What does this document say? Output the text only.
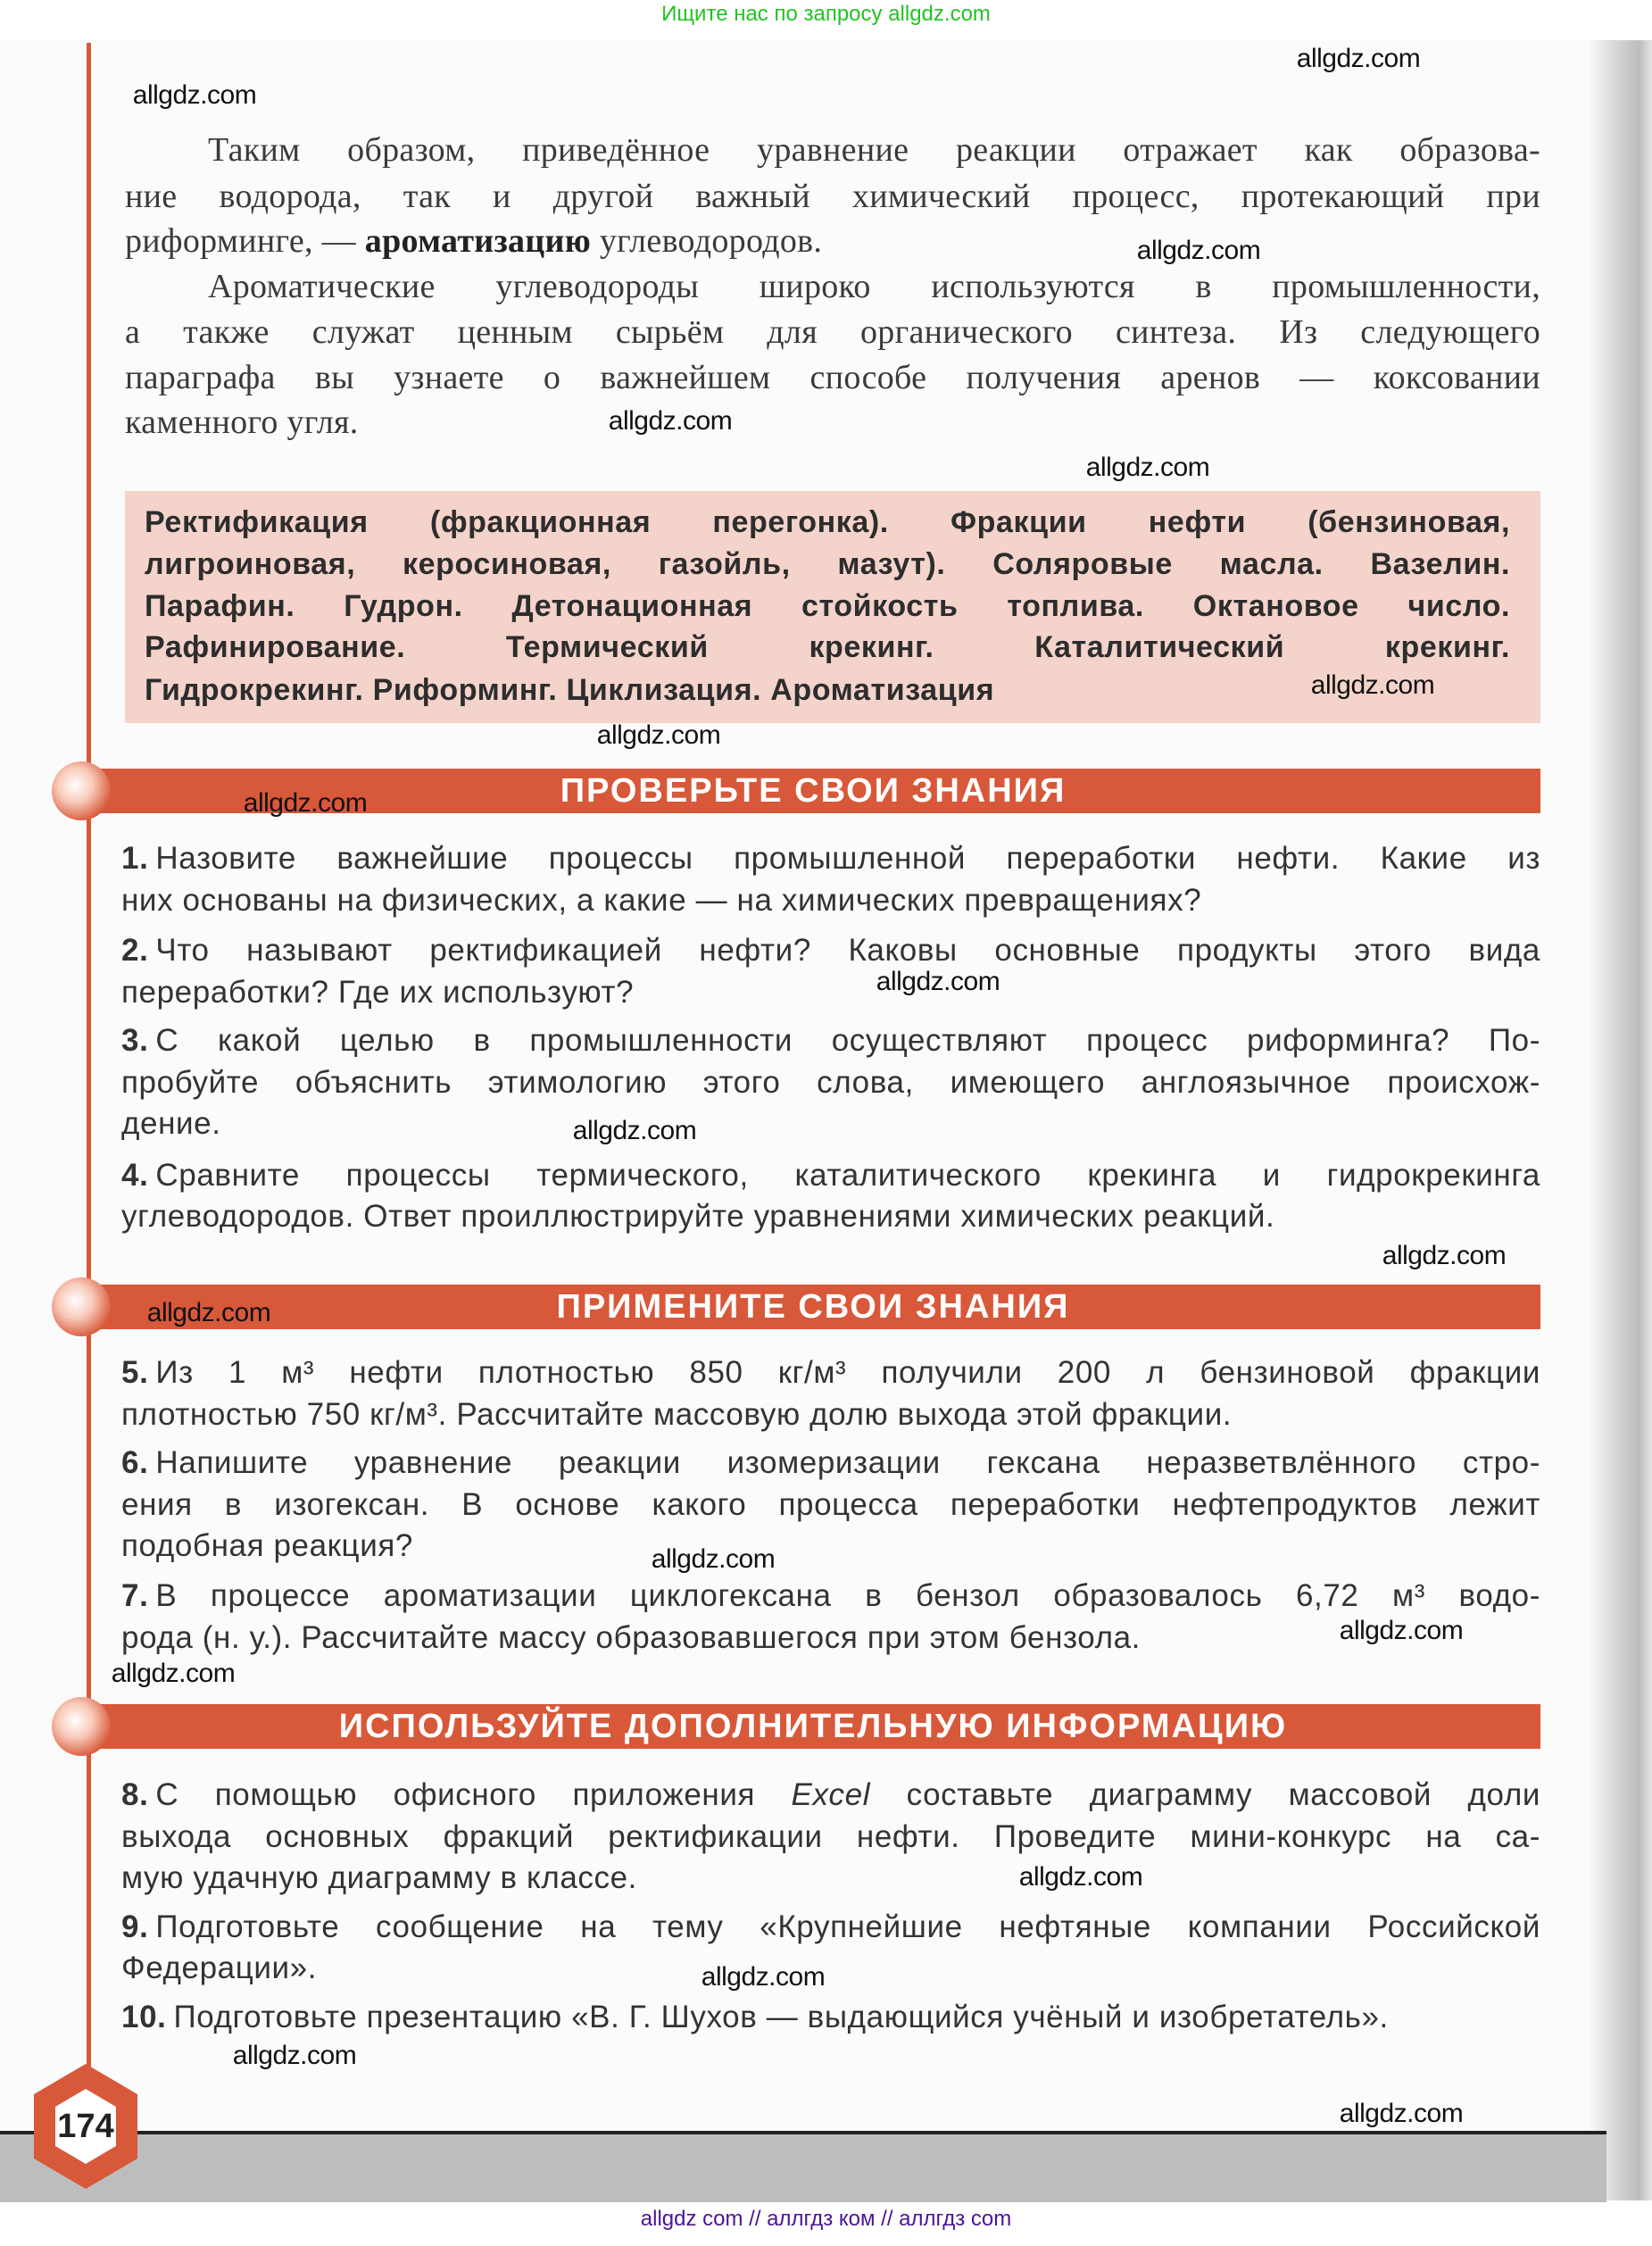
Ищите нас по запросу allgdz.com
Таким образом, приведённое уравнение реакции отражает как образова-
ние водорода, так и другой важный химический процесс, протекающий при
риформинге, — ароматизацию углеводородов.
Ароматические углеводороды широко используются в промышленности,
а также служат ценным сырьём для органического синтеза. Из следующего
параграфа вы узнаете о важнейшем способе получения аренов — коксовании
каменного угля.
Ректификация (фракционная перегонка). Фракции нефти (бензиновая,
лигроиновая, керосиновая, газойль, мазут). Соляровые масла. Вазелин.
Парафин. Гудрон. Детонационная стойкость топлива. Октановое число.
Рафинирование. Термический крекинг. Каталитический крекинг.
Гидрокрекинг. Риформинг. Циклизация. Ароматизация
ПРОВЕРЬТЕ СВОИ ЗНАНИЯ
1. Назовите важнейшие процессы промышленной переработки нефти. Какие из
них основаны на физических, а какие — на химических превращениях?
2. Что называют ректификацией нефти? Каковы основные продукты этого вида
переработки? Где их используют?
3. С какой целью в промышленности осуществляют процесс риформинга? По-
пробуйте объяснить этимологию этого слова, имеющего англоязычное происхож-
дение.
4. Сравните процессы термического, каталитического крекинга и гидрокрекинга
углеводородов. Ответ проиллюстрируйте уравнениями химических реакций.
ПРИМЕНИТЕ СВОИ ЗНАНИЯ
5. Из 1 м³ нефти плотностью 850 кг/м³ получили 200 л бензиновой фракции
плотностью 750 кг/м³. Рассчитайте массовую долю выхода этой фракции.
6. Напишите уравнение реакции изомеризации гексана неразветвлённого стро-
ения в изогексан. В основе какого процесса переработки нефтепродуктов лежит
подобная реакция?
7. В процессе ароматизации циклогексана в бензол образовалось 6,72 м³ водо-
рода (н. у.). Рассчитайте массу образовавшегося при этом бензола.
ИСПОЛЬЗУЙТЕ ДОПОЛНИТЕЛЬНУЮ ИНФОРМАЦИЮ
8. С помощью офисного приложения Excel составьте диаграмму массовой доли
выхода основных фракций ректификации нефти. Проведите мини-конкурс на са-
мую удачную диаграмму в классе.
9. Подготовьте сообщение на тему «Крупнейшие нефтяные компании Российской
Федерации».
10. Подготовьте презентацию «В. Г. Шухов — выдающийся учёный и изобретатель».
allgdz.com
allgdz.com
allgdz.com
allgdz.com
allgdz.com
allgdz.com
allgdz.com
allgdz.com
allgdz.com
allgdz.com
allgdz.com
allgdz.com
allgdz.com
allgdz.com
allgdz.com
allgdz.com
allgdz.com
allgdz.com
allgdz.com
174
allgdz com // аллгдз ком // аллгдз com
